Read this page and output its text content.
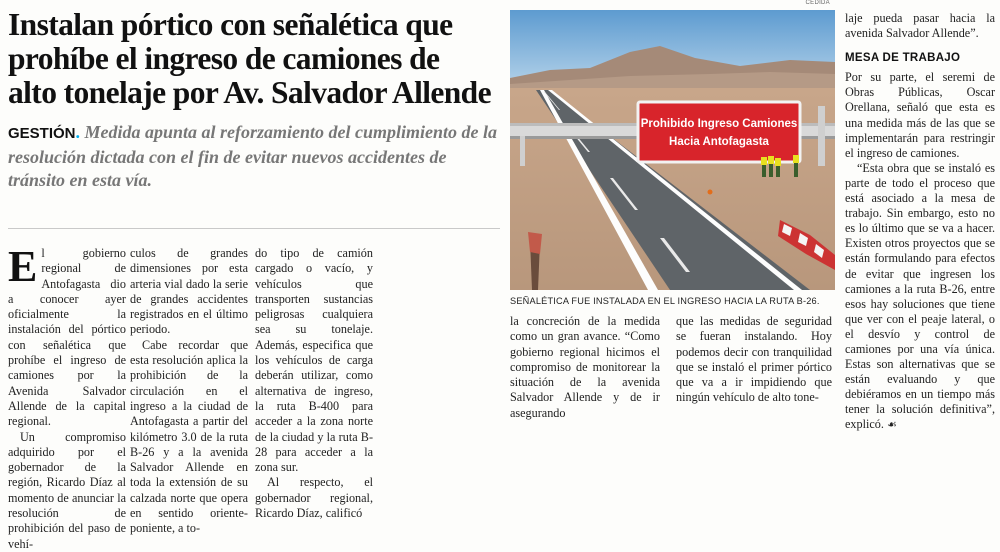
Instalan pórtico con señalética que
prohíbe el ingreso de camiones de
alto tonelaje por Av. Salvador Allende
GESTIÓN. Medida apunta al reforzamiento del cumplimiento de la resolución dictada con el fin de evitar nuevos accidentes de tránsito en esta vía.

El gobierno regional de Antofagasta dio a conocer ayer oficialmente la instalación del pórtico con señalética que prohíbe el ingreso de camiones por la Avenida Salvador Allende de la capital regional.

Un compromiso adquirido por el gobernador de la región, Ricardo Díaz al momento de anunciar la resolución de prohibición del paso de vehí-

culos de grandes dimensiones por esta arteria vial dado la serie de grandes accidentes registrados en el último periodo.

Cabe recordar que esta resolución aplica la prohibición de la circulación en el ingreso a la ciudad de Antofagasta a partir del kilómetro 3.0 de la ruta B-26 y a la avenida Salvador Allende en toda la extensión de su calzada norte que opera en sentido oriente-poniente, a to-

do tipo de camión cargado o vacío, y vehículos que transporten sustancias peligrosas cualquiera sea su tonelaje. Además, especifica que los vehículos de carga deberán utilizar, como alternativa de ingreso, la ruta B-400 para acceder a la zona norte de la ciudad y la ruta B-28 para acceder a la zona sur.

Al respecto, el gobernador regional, Ricardo Díaz, calificó

CEDIDA
Prohibido Ingreso Camiones
Hacia Antofagasta
SEÑALÉTICA FUE INSTALADA EN EL INGRESO HACIA LA RUTA B-26.

la concreción de la medida como un gran avance. “Como gobierno regional hicimos el compromiso de monitorear la situación de la avenida Salvador Allende y de ir asegurando

que las medidas de seguridad se fueran instalando. Hoy podemos decir con tranquilidad que se instaló el primer pórtico que va a ir impidiendo que ningún vehículo de alto tone-

laje pueda pasar hacia la avenida Salvador Allende”.

MESA DE TRABAJO

Por su parte, el seremi de Obras Públicas, Oscar Orellana, señaló que esta es una medida más de las que se implementarán para restringir el ingreso de camiones.

“Esta obra que se instaló es parte de todo el proceso que está asociado a la mesa de trabajo. Sin embargo, esto no es lo último que se va a hacer. Existen otros proyectos que se están formulando para efectos de evitar que ingresen los camiones a la ruta B-26, entre esos hay soluciones que tiene que ver con el peaje lateral, o el desvío y control de camiones por una vía única. Estas son alternativas que se están evaluando y que debiéramos en un tiempo más tener la solución definitiva”, explicó. ☙
